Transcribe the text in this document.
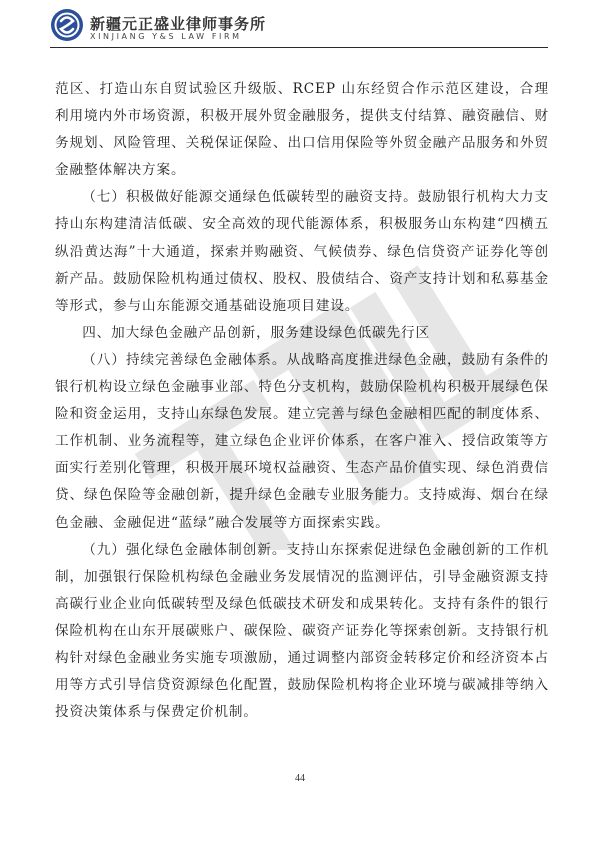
新疆元正盛业律师事务所
XINJIANG Y&S LAW FIRM

范区、打造山东自贸试验区升级版、RCEP 山东经贸合作示范区建设，合理利用境内外市场资源，积极开展外贸金融服务，提供支付结算、融资融信、财务规划、风险管理、关税保证保险、出口信用保险等外贸金融产品服务和外贸金融整体解决方案。

（七）积极做好能源交通绿色低碳转型的融资支持。鼓励银行机构大力支持山东构建清洁低碳、安全高效的现代能源体系，积极服务山东构建“四横五纵沿黄达海”十大通道，探索并购融资、气候债券、绿色信贷资产证券化等创新产品。鼓励保险机构通过债权、股权、股债结合、资产支持计划和私募基金等形式，参与山东能源交通基础设施项目建设。

四、加大绿色金融产品创新，服务建设绿色低碳先行区

（八）持续完善绿色金融体系。从战略高度推进绿色金融，鼓励有条件的银行机构设立绿色金融事业部、特色分支机构，鼓励保险机构积极开展绿色保险和资金运用，支持山东绿色发展。建立完善与绿色金融相匹配的制度体系、工作机制、业务流程等，建立绿色企业评价体系，在客户准入、授信政策等方面实行差别化管理，积极开展环境权益融资、生态产品价值实现、绿色消费信贷、绿色保险等金融创新，提升绿色金融专业服务能力。支持威海、烟台在绿色金融、金融促进“蓝绿”融合发展等方面探索实践。

（九）强化绿色金融体制创新。支持山东探索促进绿色金融创新的工作机制，加强银行保险机构绿色金融业务发展情况的监测评估，引导金融资源支持高碳行业企业向低碳转型及绿色低碳技术研发和成果转化。支持有条件的银行保险机构在山东开展碳账户、碳保险、碳资产证券化等探索创新。支持银行机构针对绿色金融业务实施专项激励，通过调整内部资金转移定价和经济资本占用等方式引导信贷资源绿色化配置，鼓励保险机构将企业环境与碳减排等纳入投资决策体系与保费定价机制。

44
